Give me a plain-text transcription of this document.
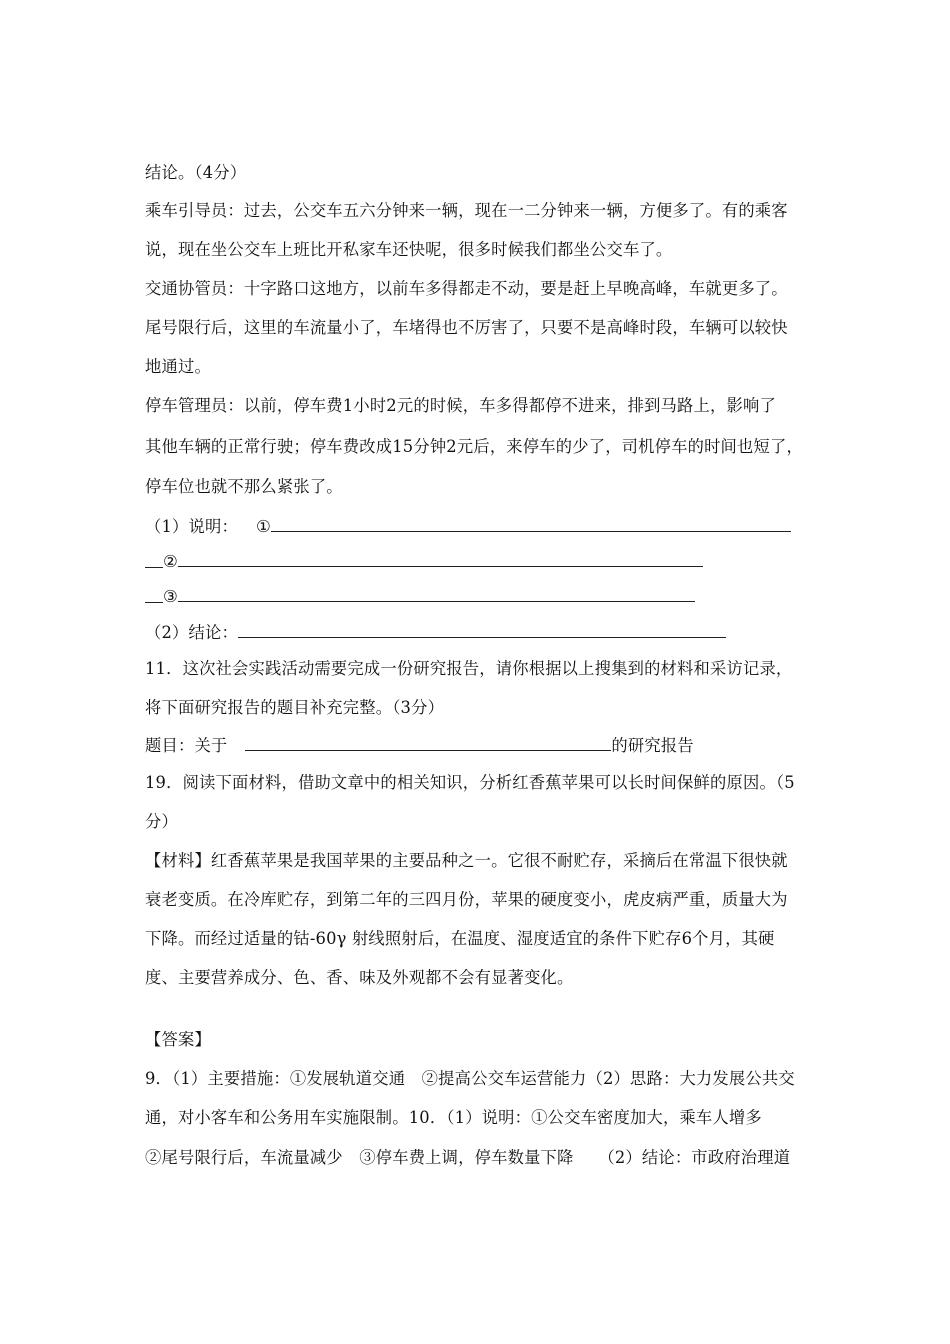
结论。（4分）
乘车引导员：过去，公交车五六分钟来一辆，现在一二分钟来一辆，方便多了。有的乘客
说，现在坐公交车上班比开私家车还快呢，很多时候我们都坐公交车了。
交通协管员：十字路口这地方，以前车多得都走不动，要是赶上早晚高峰，车就更多了。
尾号限行后，这里的车流量小了，车堵得也不厉害了，只要不是高峰时段，车辆可以较快
地通过。
停车管理员：以前，停车费1小时2元的时候，车多得都停不进来，排到马路上，影响了
其他车辆的正常行驶；停车费改成15分钟2元后，来停车的少了，司机停车的时间也短了，
停车位也就不那么紧张了。
（1）说明： ①
②
③
（2）结论：
11．这次社会实践活动需要完成一份研究报告，请你根据以上搜集到的材料和采访记录，
将下面研究报告的题目补充完整。（3分）
题目：关于	的研究报告
19．阅读下面材料，借助文章中的相关知识，分析红香蕉苹果可以长时间保鲜的原因。（5
分）
【材料】红香蕉苹果是我国苹果的主要品种之一。它很不耐贮存，采摘后在常温下很快就
衰老变质。在冷库贮存，到第二年的三四月份，苹果的硬度变小，虎皮病严重，质量大为
下降。而经过适量的钴-60γ 射线照射后，在温度、湿度适宜的条件下贮存6个月，其硬
度、主要营养成分、色、香、味及外观都不会有显著变化。
【答案】
9．（1）主要措施：①发展轨道交通　②提高公交车运营能力（2）思路：大力发展公共交
通，对小客车和公务用车实施限制。10．（1）说明：①公交车密度加大，乘车人增多
②尾号限行后，车流量减少　③停车费上调，停车数量下降　　（2）结论：市政府治理道
